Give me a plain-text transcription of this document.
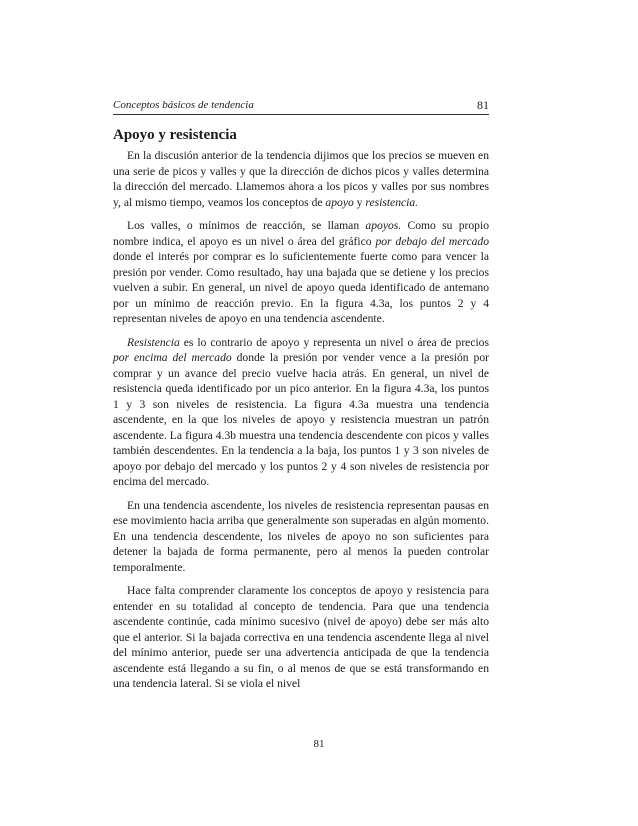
Conceptos básicos de tendencia	81
Apoyo y resistencia

En la discusión anterior de la tendencia dijimos que los precios se mueven en una serie de picos y valles y que la dirección de dichos picos y valles determina la dirección del mercado. Llamemos ahora a los picos y valles por sus nombres y, al mismo tiempo, veamos los conceptos de apoyo y resistencia.

Los valles, o mínimos de reacción, se llaman apoyos. Como su propio nombre indica, el apoyo es un nivel o área del gráfico por debajo del mercado donde el interés por comprar es lo suficientemente fuerte como para vencer la presión por vender. Como resultado, hay una bajada que se detiene y los precios vuelven a subir. En general, un nivel de apoyo queda identificado de antemano por un mínimo de reacción previo. En la figura 4.3a, los puntos 2 y 4 representan niveles de apoyo en una tendencia ascendente.

Resistencia es lo contrario de apoyo y representa un nivel o área de precios por encima del mercado donde la presión por vender vence a la presión por comprar y un avance del precio vuelve hacia atrás. En general, un nivel de resistencia queda identificado por un pico anterior. En la figura 4.3a, los puntos 1 y 3 son niveles de resistencia. La figura 4.3a muestra una tendencia ascendente, en la que los niveles de apoyo y resistencia muestran un patrón ascendente. La figura 4.3b muestra una tendencia descendente con picos y valles también descendentes. En la tendencia a la baja, los puntos 1 y 3 son niveles de apoyo por debajo del mercado y los puntos 2 y 4 son niveles de resistencia por encima del mercado.

En una tendencia ascendente, los niveles de resistencia representan pausas en ese movimiento hacia arriba que generalmente son superadas en algún momento. En una tendencia descendente, los niveles de apoyo no son suficientes para detener la bajada de forma permanente, pero al menos la pueden controlar temporalmente.

Hace falta comprender claramente los conceptos de apoyo y resistencia para entender en su totalidad al concepto de tendencia. Para que una tendencia ascendente continúe, cada mínimo sucesivo (nivel de apoyo) debe ser más alto que el anterior. Si la bajada correctiva en una tendencia ascendente llega al nivel del mínimo anterior, puede ser una advertencia anticipada de que la tendencia ascendente está llegando a su fin, o al menos de que se está transformando en una tendencia lateral. Si se viola el nivel

81
